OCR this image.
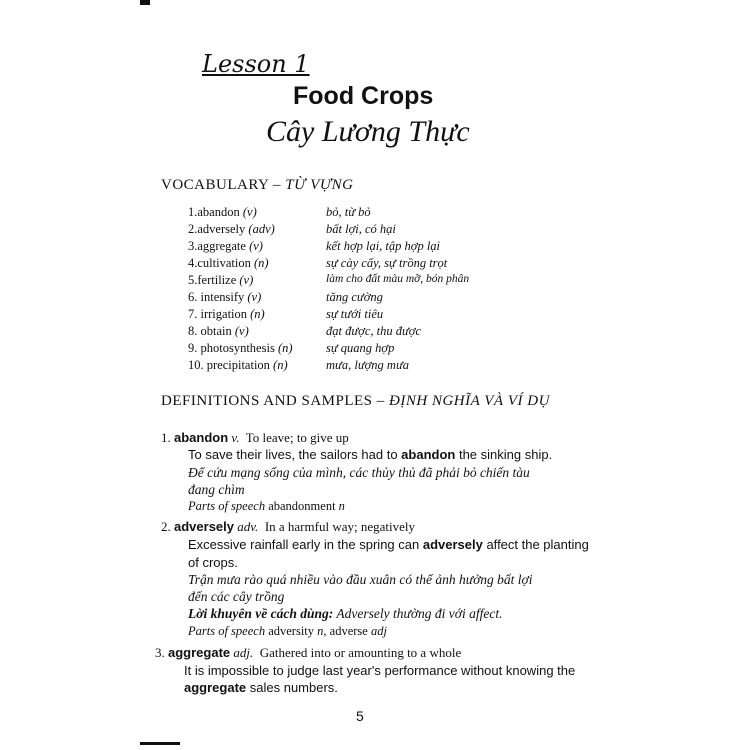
Lesson 1
Food Crops
Cây Lương Thực
VOCABULARY – TỪ VỰNG
1.abandon (v)	bỏ, từ bỏ
2.adversely (adv)	bất lợi, có hại
3.aggregate (v)	kết hợp lại, tập hợp lại
4.cultivation (n)	sự cày cấy, sự trồng trọt
5.fertilize (v)	làm cho đất màu mỡ, bón phân
6. intensify (v)	tăng cường
7. irrigation (n)	sự tưới tiêu
8. obtain (v)	đạt được, thu được
9. photosynthesis (n)	sự quang hợp
10. precipitation (n)	mưa, lượng mưa
DEFINITIONS AND SAMPLES – ĐỊNH NGHĨA VÀ VÍ DỤ
1. abandon v. To leave; to give up
To save their lives, the sailors had to abandon the sinking ship.
Để cứu mạng sống của mình, các thủy thủ đã phải bỏ chiến tàu
đang chìm
Parts of speech abandonment n
2. adversely adv. In a harmful way; negatively
Excessive rainfall early in the spring can adversely affect the planting
of crops.
Trận mưa rào quá nhiều vào đầu xuân có thể ảnh hưởng bất lợi
đến các cây trồng
Lời khuyên về cách dùng: Adversely thường đi với affect.
Parts of speech adversity n, adverse adj
3. aggregate adj. Gathered into or amounting to a whole
It is impossible to judge last year's performance without knowing the
aggregate sales numbers.
5
